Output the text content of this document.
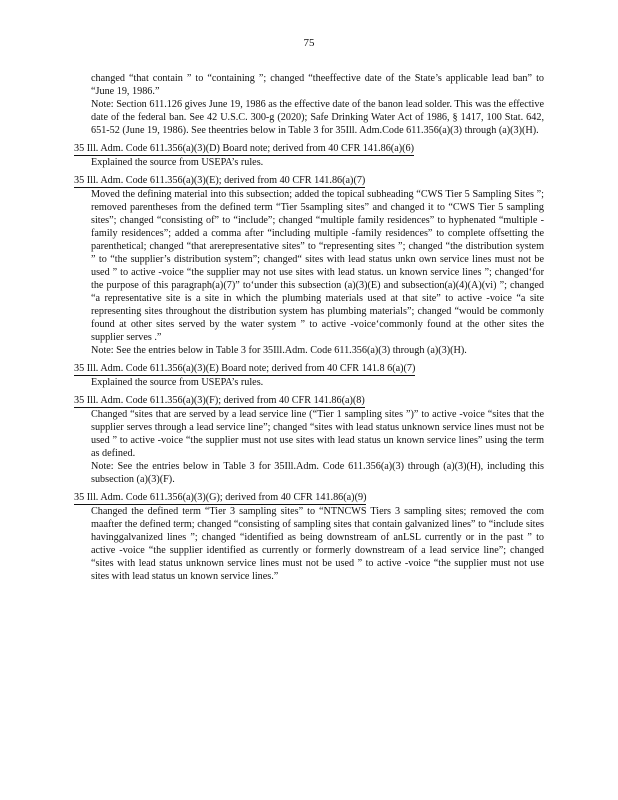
75

changed “that contain ” to “containing ”; changed “theeffective date of the State’s applicable lead ban” to “June 19, 1986.”

Note: Section 611.126 gives June 19, 1986 as the effective date of the banon lead solder. This was the effective date of the federal ban. See 42 U.S.C. 300-g (2020); Safe Drinking Water Act of 1986, § 1417, 100 Stat. 642, 651-52 (June 19, 1986). See theentries below in Table 3 for 35Ill. Adm.Code 611.356(a)(3) through (a)(3)(H).

35 Ill. Adm. Code 611.356(a)(3)(D) Board note; derived from 40 CFR 141.86(a)(6)

Explained the source from USEPA’s rules.

35 Ill. Adm. Code 611.356(a)(3)(E); derived from 40 CFR 141.86(a)(7)

Moved the defining material into this subsection; added the topical subheading “CWS Tier 5 Sampling Sites ”; removed parentheses from the defined term “Tier 5sampling sites” and changed it to “CWS Tier 5 sampling sites”; changed “consisting of” to “include”; changed “multiple family residences” to hyphenated “multiple -family residences”; added a comma after “including multiple -family residences” to complete offsetting the parenthetical; changed “that arerepresentative sites” to “representing sites ”; changed “the distribution system ” to “the supplier’s distribution system”; changed“ sites with lead status unkn own service lines must not be used ” to active -voice “the supplier may not use sites with lead status. un known service lines ”; changed‘for the purpose of this paragraph(a)(7)” to‘under this subsection (a)(3)(E) and subsection(a)(4)(A)(vi) ”; changed “a representative site is a site in which the plumbing materials used at that site” to active -voice “a site representing sites throughout the distribution system has plumbing materials”; changed “would be commonly found at other sites served by the water system ” to active -voice‘commonly found at the other sites the supplier serves .”

Note: See the entries below in Table 3 for 35Ill.Adm. Code 611.356(a)(3) through (a)(3)(H).

35 Ill. Adm. Code 611.356(a)(3)(E) Board note; derived from 40 CFR 141.8 6(a)(7)

Explained the source from USEPA’s rules.

35 Ill. Adm. Code 611.356(a)(3)(F); derived from 40 CFR 141.86(a)(8)

Changed “sites that are served by a lead service line (“Tier 1 sampling sites ”)” to active -voice “sites that the supplier serves through a lead service line”; changed “sites with lead status unknown service lines must not be used ” to active -voice “the supplier must not use sites with lead status un known service lines” using the term as defined.

Note: See the entries below in Table 3 for 35Ill.Adm. Code 611.356(a)(3) through (a)(3)(H), including this subsection (a)(3)(F).

35 Ill. Adm. Code 611.356(a)(3)(G); derived from 40 CFR 141.86(a)(9)

Changed the defined term “Tier 3 sampling sites” to “NTNCWS Tiers 3 sampling sites; removed the com maafter the defined term; changed “consisting of sampling sites that contain galvanized lines” to “include sites havinggalvanized lines ”; changed “identified as being downstream of anLSL currently or in the past ” to active -voice “the supplier identified as currently or formerly downstream of a lead service line”; changed “sites with lead status unknown service lines must not be used ” to active -voice “the supplier must not use sites with lead status un known service lines.”
